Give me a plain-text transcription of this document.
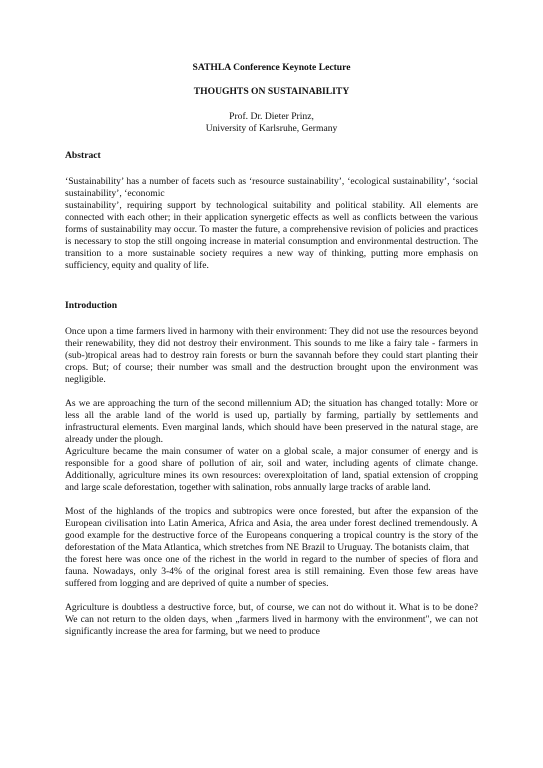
SATHLA Conference Keynote Lecture
THOUGHTS ON SUSTAINABILITY
Prof. Dr. Dieter Prinz,
University of Karlsruhe, Germany
Abstract

‘Sustainability’ has a number of facets such as ‘resource sustainability’, ‘ecological sustainability’, ‘social sustainability’, ‘economic
sustainability’, requiring support by technological suitability and political stability. All elements are connected with each other; in their application synergetic effects as well as conflicts between the various forms of sustainability may occur. To master the future, a comprehensive revision of policies and practices is necessary to stop the still ongoing increase in material consumption and environmental destruction. The transition to a more sustainable society requires a new way of thinking, putting more emphasis on sufficiency, equity and quality of life.

Introduction

Once upon a time farmers lived in harmony with their environment: They did not use the resources beyond their renewability, they did not destroy their environment. This sounds to me like a fairy tale - farmers in (sub-)tropical areas had to destroy rain forests or burn the savannah before they could start planting their crops. But; of course; their number was small and the destruction brought upon the environment was negligible.

As we are approaching the turn of the second millennium AD; the situation has changed totally: More or less all the arable land of the world is used up, partially by farming, partially by settlements and infrastructural elements. Even marginal lands, which should have been preserved in the natural stage, are already under the plough.

Agriculture became the main consumer of water on a global scale, a major consumer of energy and is responsible for a good share of pollution of air, soil and water, including agents of climate change. Additionally, agriculture mines its own resources: overexploitation of land, spatial extension of cropping and large scale deforestation, together with salination, robs annually large tracks of arable land.

Most of the highlands of the tropics and subtropics were once forested, but after the expansion of the European civilisation into Latin America, Africa and Asia, the area under forest declined tremendously. A good example for the destructive force of the Europeans conquering a tropical country is the story of the deforestation of the Mata Atlantica, which stretches from NE Brazil to Uruguay. The botanists claim, that
the forest here was once one of the richest in the world in regard to the number of species of flora and fauna. Nowadays, only 3-4% of the original forest area is still remaining. Even those few areas have suffered from logging and are deprived of quite a number of species.

Agriculture is doubtless a destructive force, but, of course, we can not do without it. What is to be done? We can not return to the olden days, when „farmers lived in harmony with the environment", we can not significantly increase the area for farming, but we need to produce
